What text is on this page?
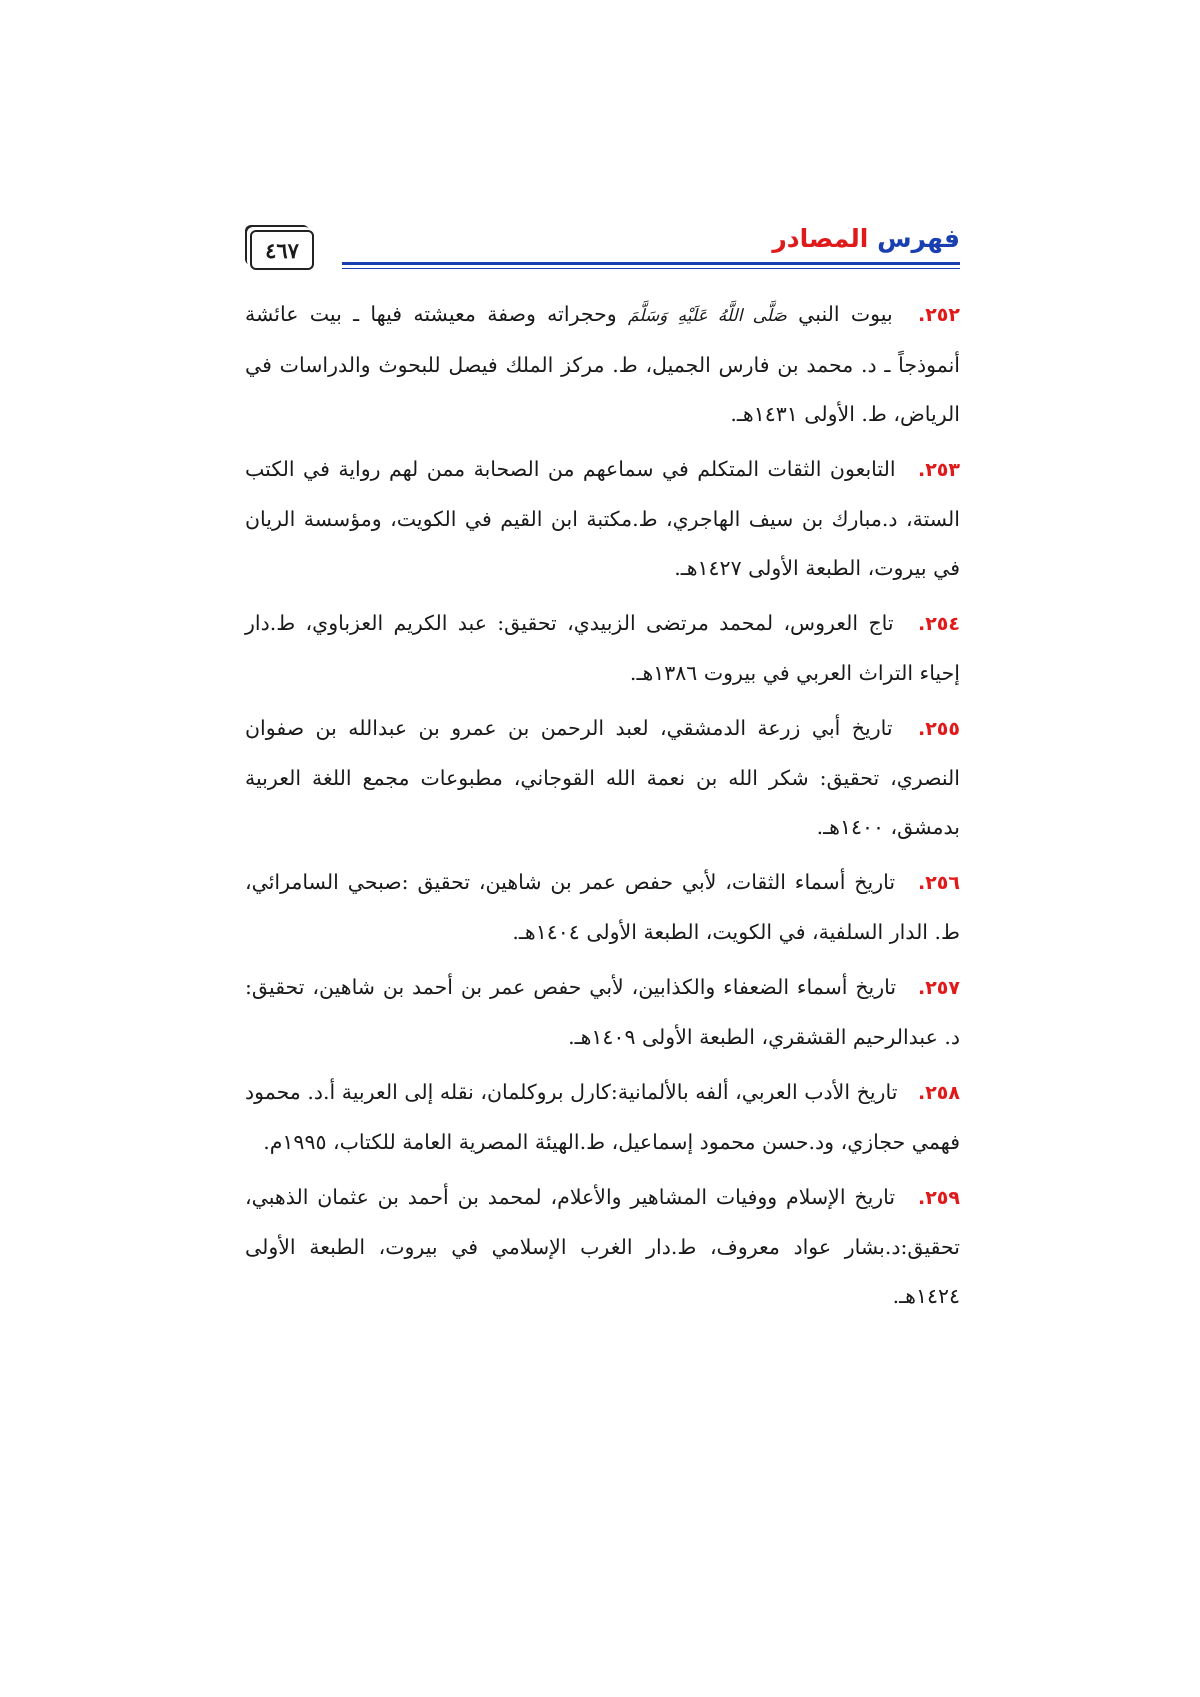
٤٦٧	فهرس المصادر

٢٥٢. بيوت النبي صَلَّى اللَّهُ عَلَيْهِ وَسَلَّمَ وحجراته وصفة معيشته فيها ـ بيت عائشة أنموذجاً ـ د. محمد بن فارس الجميل، ط. مركز الملك فيصل للبحوث والدراسات في الرياض، ط. الأولى ١٤٣١هـ.

٢٥٣. التابعون الثقات المتكلم في سماعهم من الصحابة ممن لهم رواية في الكتب الستة، د.مبارك بن سيف الهاجري، ط.مكتبة ابن القيم في الكويت، ومؤسسة الريان في بيروت، الطبعة الأولى ١٤٢٧هـ.

٢٥٤. تاج العروس، لمحمد مرتضى الزبيدي، تحقيق: عبد الكريم العزباوي، ط.دار إحياء التراث العربي في بيروت ١٣٨٦هـ.

٢٥٥. تاريخ أبي زرعة الدمشقي، لعبد الرحمن بن عمرو بن عبدالله بن صفوان النصري، تحقيق: شكر الله بن نعمة الله القوجاني، مطبوعات مجمع اللغة العربية بدمشق، ١٤٠٠هـ.

٢٥٦. تاريخ أسماء الثقات، لأبي حفص عمر بن شاهين، تحقيق :صبحي السامرائي، ط. الدار السلفية، في الكويت، الطبعة الأولى ١٤٠٤هـ.

٢٥٧. تاريخ أسماء الضعفاء والكذابين، لأبي حفص عمر بن أحمد بن شاهين، تحقيق: د. عبدالرحيم القشقري، الطبعة الأولى ١٤٠٩هـ.

٢٥٨. تاريخ الأدب العربي، ألفه بالألمانية:كارل بروكلمان، نقله إلى العربية أ.د. محمود فهمي حجازي، ود.حسن محمود إسماعيل، ط.الهيئة المصرية العامة للكتاب، ١٩٩٥م.

٢٥٩. تاريخ الإسلام ووفيات المشاهير والأعلام، لمحمد بن أحمد بن عثمان الذهبي، تحقيق:د.بشار عواد معروف، ط.دار الغرب الإسلامي في بيروت، الطبعة الأولى ١٤٢٤هـ.
